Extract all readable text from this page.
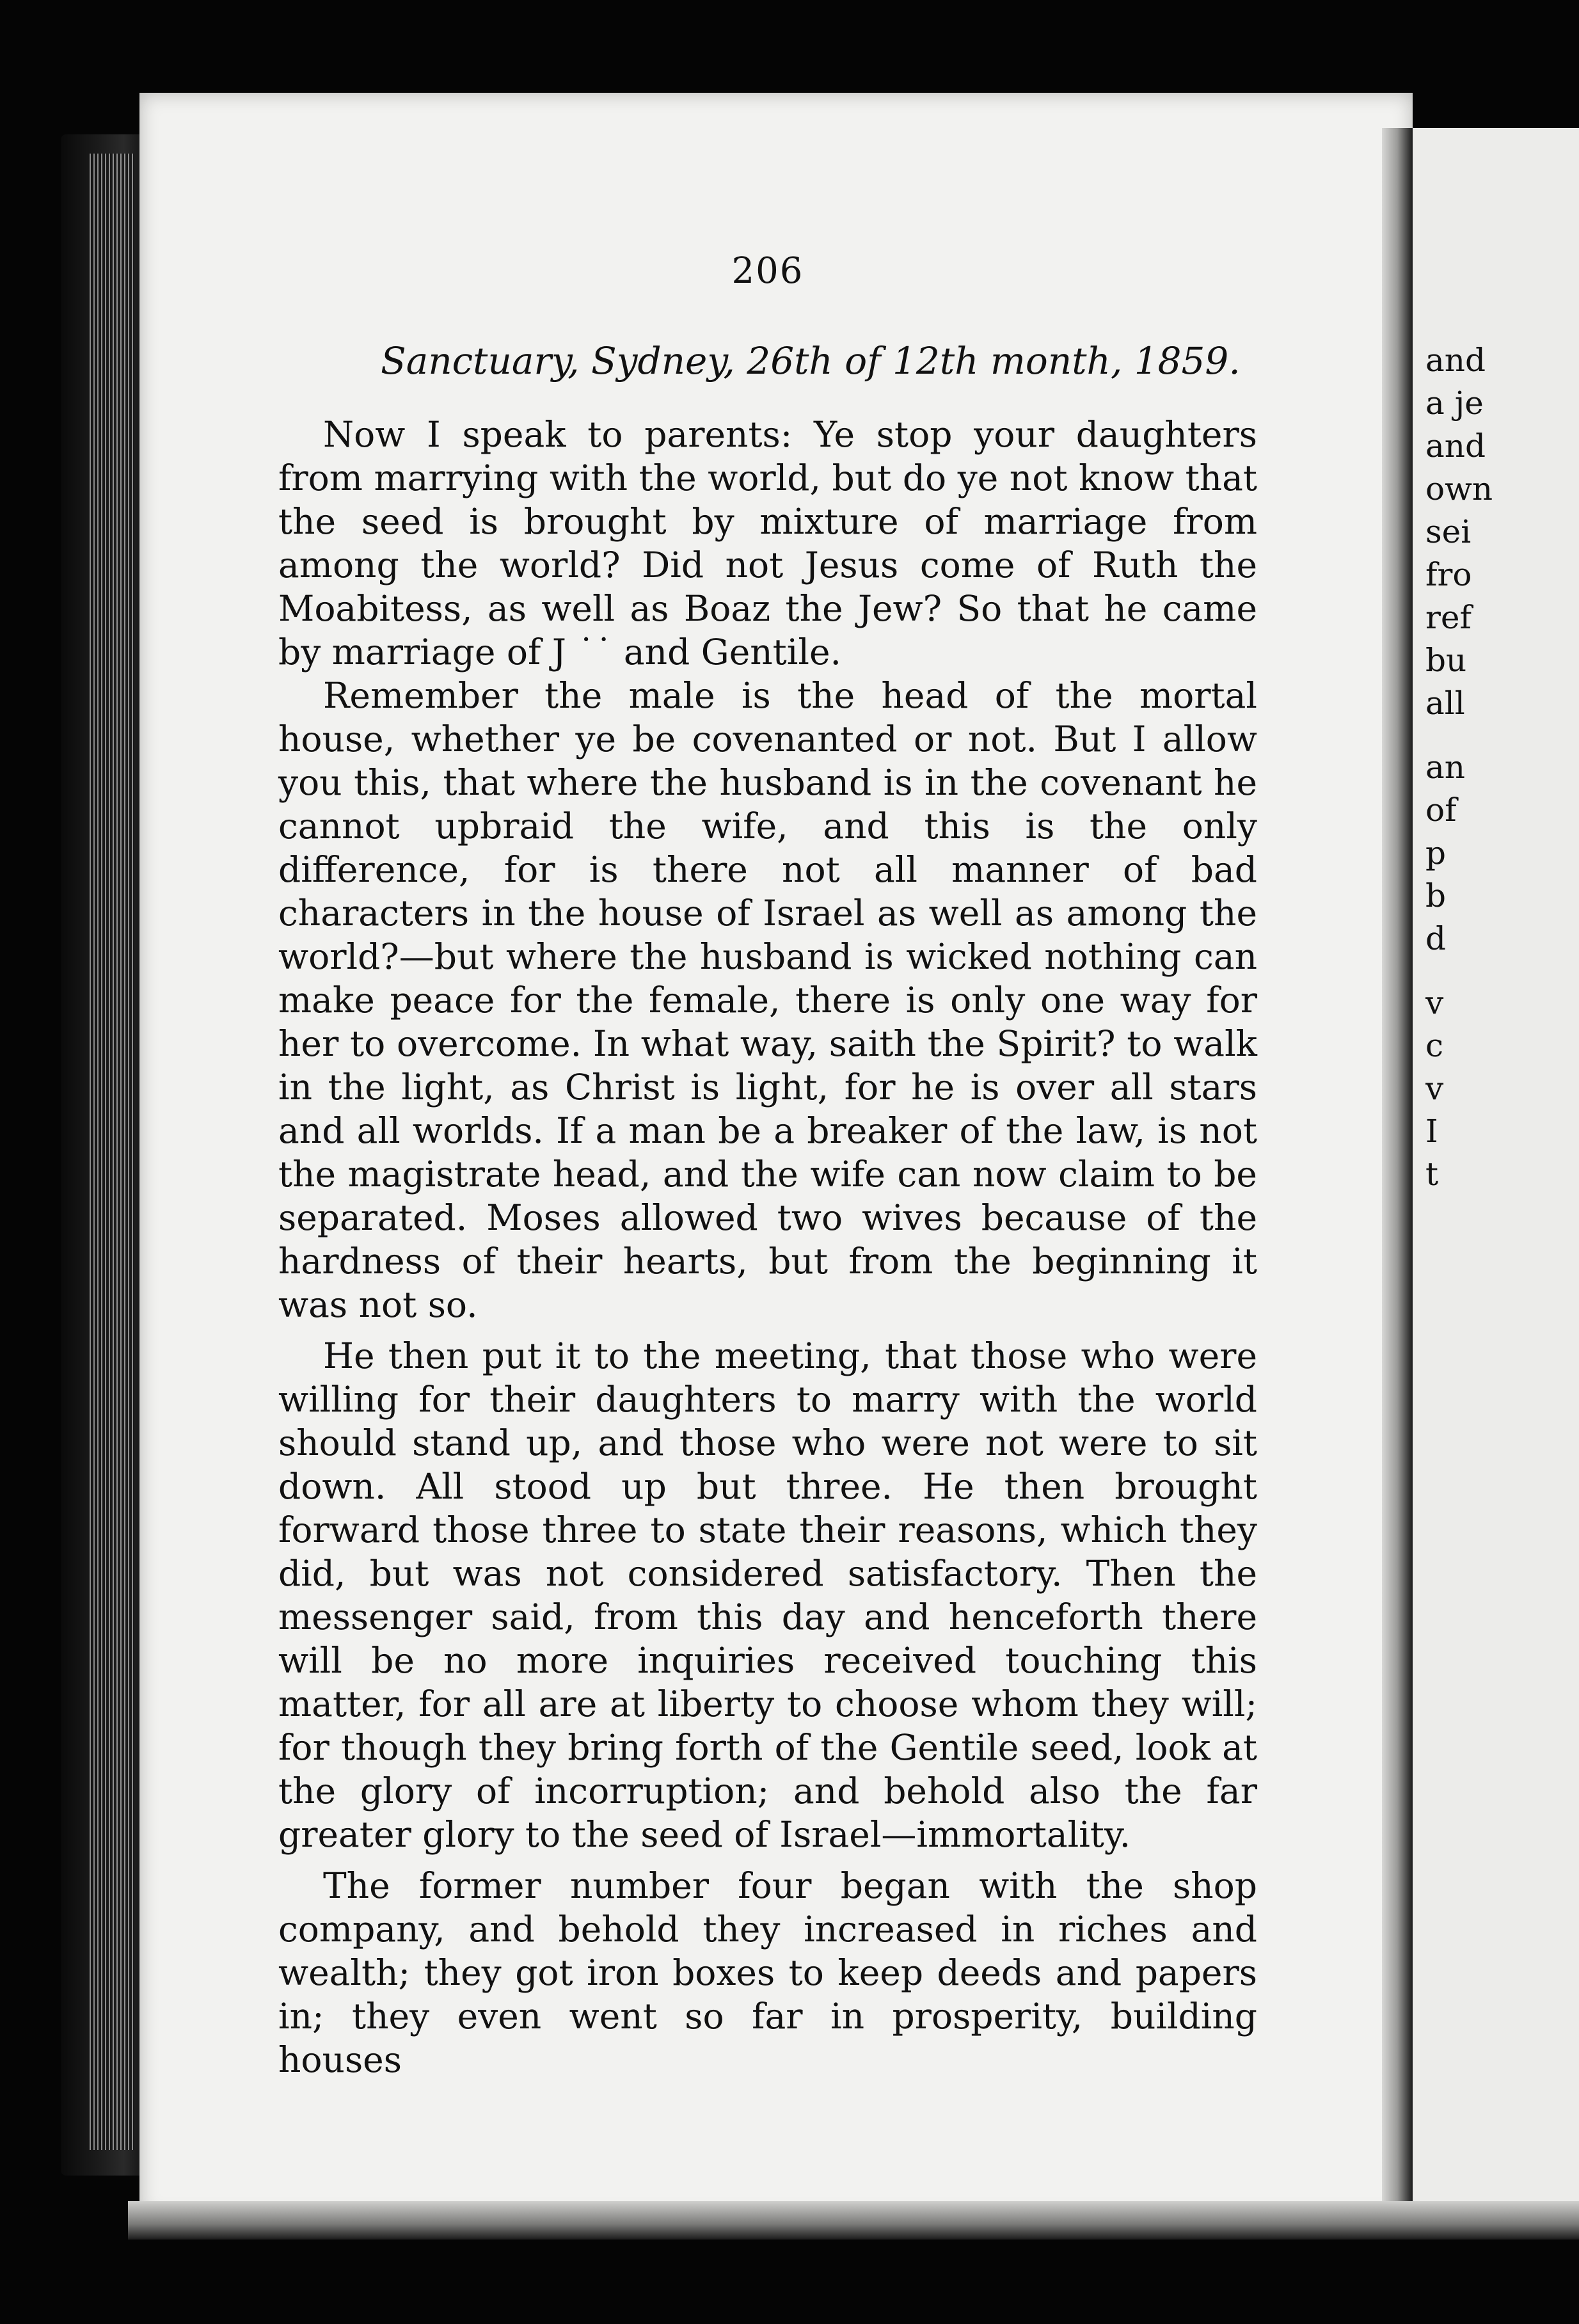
206
Sanctuary, Sydney, 26th of 12th month, 1859.

Now I speak to parents: Ye stop your daughters from marrying with the world, but do ye not know that the seed is brought by mixture of marriage from among the world? Did not Jesus come of Ruth the Moabitess, as well as Boaz the Jew? So that he came by marriage of J ˙˙ and Gentile.

Remember the male is the head of the mortal house, whether ye be covenanted or not. But I allow you this, that where the husband is in the covenant he cannot upbraid the wife, and this is the only difference, for is there not all manner of bad characters in the house of Israel as well as among the world?—but where the husband is wicked nothing can make peace for the female, there is only one way for her to overcome. In what way, saith the Spirit? to walk in the light, as Christ is light, for he is over all stars and all worlds. If a man be a breaker of the law, is not the magistrate head, and the wife can now claim to be separated. Moses allowed two wives because of the hardness of their hearts, but from the beginning it was not so.

He then put it to the meeting, that those who were willing for their daughters to marry with the world should stand up, and those who were not were to sit down. All stood up but three. He then brought forward those three to state their reasons, which they did, but was not considered satisfactory. Then the messenger said, from this day and henceforth there will be no more inquiries received touching this matter, for all are at liberty to choose whom they will; for though they bring forth of the Gentile seed, look at the glory of incorruption; and behold also the far greater glory to the seed of Israel—immortality.

The former number four began with the shop company, and behold they increased in riches and wealth; they got iron boxes to keep deeds and papers in; they even went so far in prosperity, building houses

and
a je
and
own
sei
fro
ref
bu
all
an
of
p
b
d
v
c
v
I
t
